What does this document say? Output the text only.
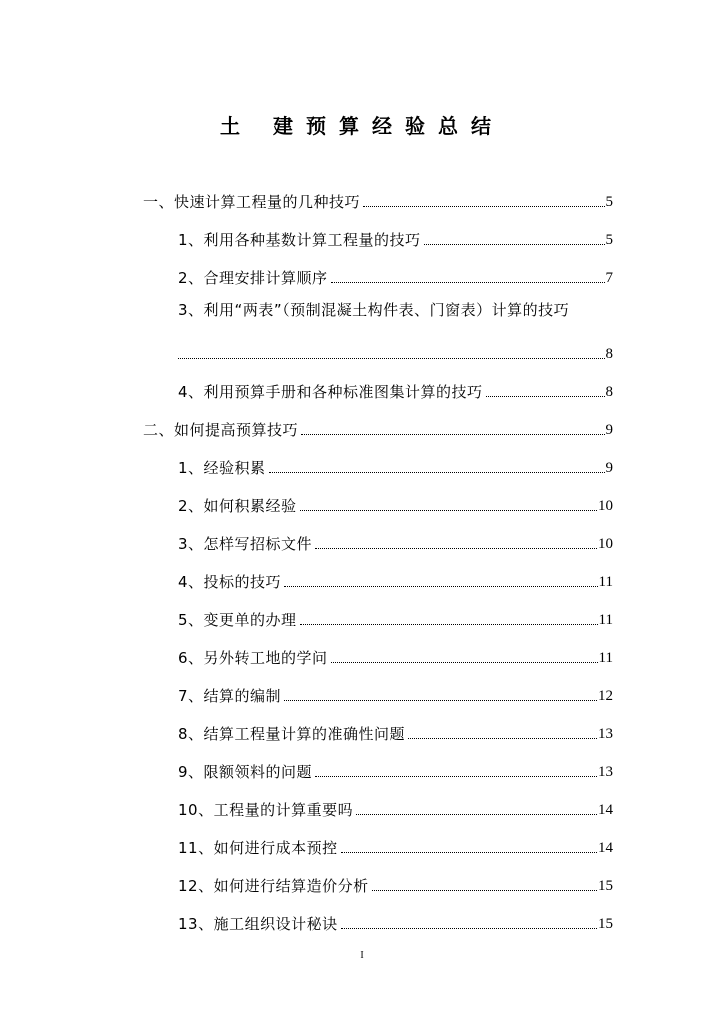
土 建预算经验总结
一、快速计算工程量的几种技巧	5
1、利用各种基数计算工程量的技巧	5
2、合理安排计算顺序	7
3、利用“两表”（预制混凝土构件表、门窗表）计算的技巧
8
4、利用预算手册和各种标准图集计算的技巧	8
二、如何提高预算技巧	9
1、经验积累	9
2、如何积累经验	10
3、怎样写招标文件	10
4、投标的技巧	11
5、变更单的办理	11
6、另外转工地的学问	11
7、结算的编制	12
8、结算工程量计算的准确性问题	13
9、限额领料的问题	13
10、工程量的计算重要吗	14
11、如何进行成本预控	14
12、如何进行结算造价分析	15
13、施工组织设计秘诀	15
I
